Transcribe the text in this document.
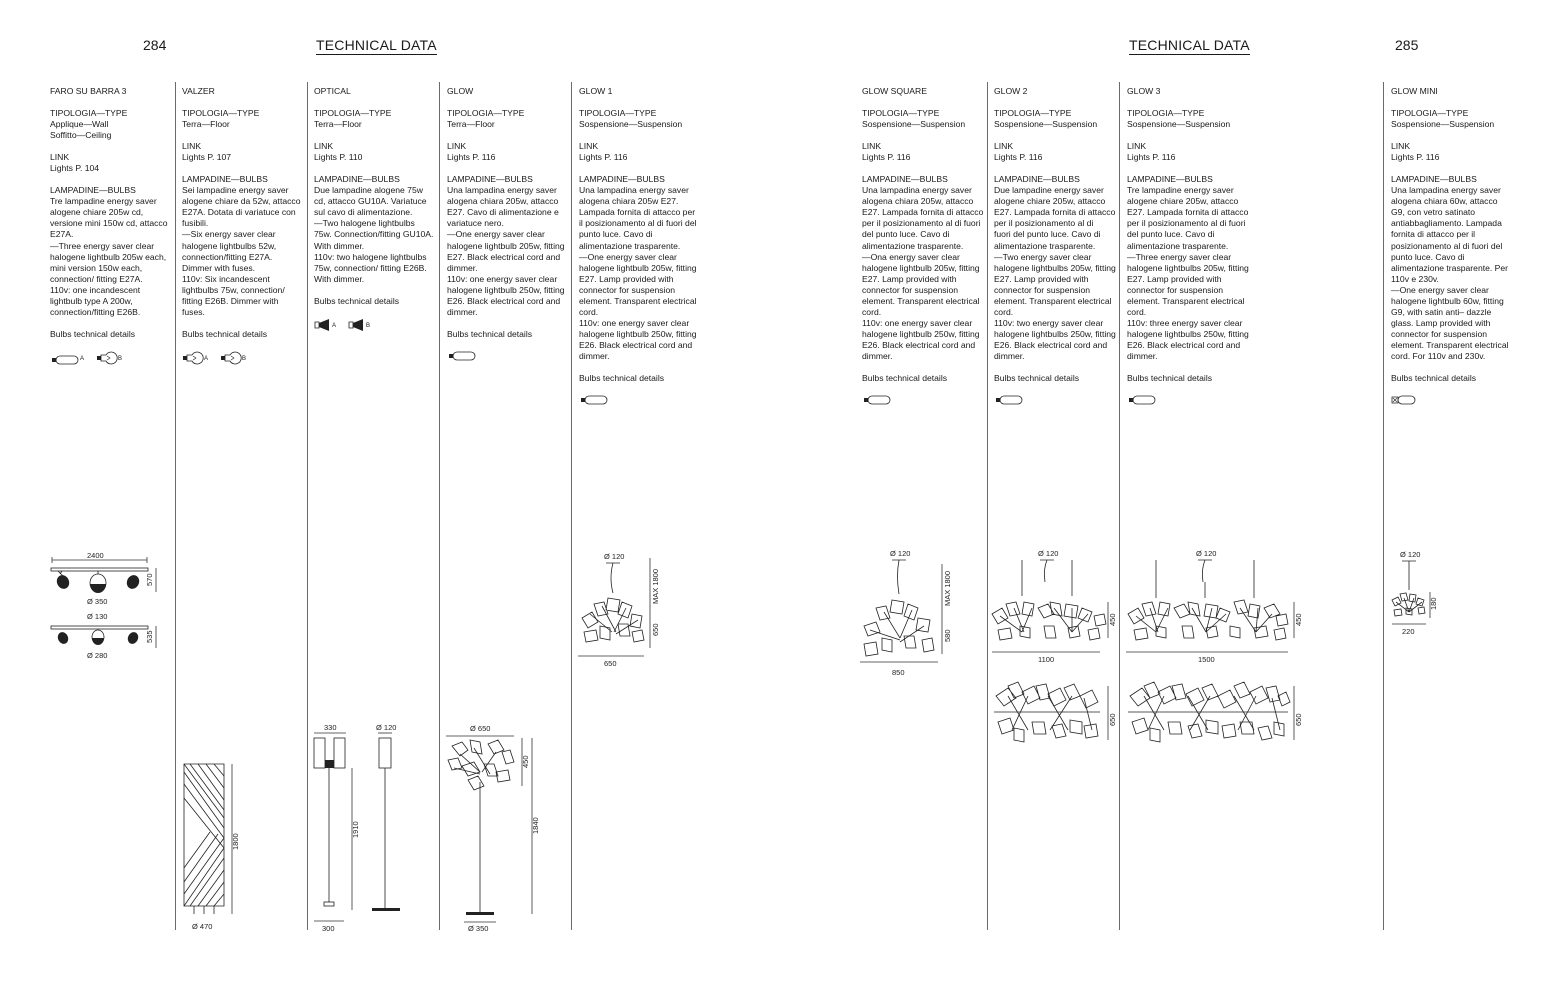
284	TECHNICAL DATA	TECHNICAL DATA	285

FARO SU BARRA 3

TIPOLOGIA—TYPE
Applique—Wall
Soffitto—Ceiling

LINK
Lights P. 104

LAMPADINE—BULBS
Tre lampadine energy saver alogene chiare 205w cd, versione mini 150w cd, attacco E27A.
—Three energy saver clear halogene lightbulb 205w each, mini version 150w each, connection/ fitting E27A.
110v: one incandescent lightbulb type A 200w, connection/fitting E26B.

Bulbs technical details

A	B

VALZER

TIPOLOGIA—TYPE
Terra—Floor

LINK
Lights P. 107

LAMPADINE—BULBS
Sei lampadine energy saver alogene chiare da 52w, attacco E27A. Dotata di variatuce con fusibili.
—Six energy saver clear halogene lightbulbs 52w, connection/fitting E27A. Dimmer with fuses.
110v: Six incandescent lightbulbs 75w, connection/ fitting E26B. Dimmer with fuses.

Bulbs technical details

A	B

OPTICAL

TIPOLOGIA—TYPE
Terra—Floor

LINK
Lights P. 110

LAMPADINE—BULBS
Due lampadine alogene 75w cd, attacco GU10A. Variatuce sul cavo di alimentazione.
—Two halogene lightbulbs 75w. Connection/fitting GU10A. With dimmer.
110v: two halogene lightbulbs 75w, connection/ fitting E26B. With dimmer.

Bulbs technical details

A	B

GLOW

TIPOLOGIA—TYPE
Terra—Floor

LINK
Lights P. 116

LAMPADINE—BULBS
Una lampadina energy saver alogena chiara 205w, attacco E27. Cavo di alimentazione e variatuce nero.
—One energy saver clear halogene lightbulb 205w, fitting E27. Black electrical cord and dimmer.
110v: one energy saver clear halogene lightbulb 250w, fitting E26. Black electrical cord and dimmer.

Bulbs technical details

GLOW 1

TIPOLOGIA—TYPE
Sospensione—Suspension

LINK
Lights P. 116

LAMPADINE—BULBS
Una lampadina energy saver alogena chiara 205w E27. Lampada fornita di attacco per il posizionamento al di fuori del punto luce. Cavo di alimentazione trasparente.
—One energy saver clear halogene lightbulb 205w, fitting E27. Lamp provided with connector for suspension element. Transparent electrical cord.
110v: one energy saver clear halogene lightbulb 250w, fitting E26. Black electrical cord and dimmer.

Bulbs technical details

GLOW SQUARE

TIPOLOGIA—TYPE
Sospensione—Suspension

LINK
Lights P. 116

LAMPADINE—BULBS
Una lampadina energy saver alogena chiara 205w, attacco E27. Lampada fornita di attacco
per il posizionamento al di fuori del punto luce. Cavo di alimentazione trasparente.
—Ona energy saver clear halogene lightbulb 205w, fitting E27. Lamp provided with connector for suspension element. Transparent electrical cord.
110v: one energy saver clear halogene lightbulb 250w, fitting E26. Black electrical cord and dimmer.

Bulbs technical details

GLOW 2

TIPOLOGIA—TYPE
Sospensione—Suspension

LINK
Lights P. 116

LAMPADINE—BULBS
Due lampadine energy saver alogene chiare 205w, attacco E27. Lampada fornita di attacco per il posizionamento al di
fuori del punto luce. Cavo di alimentazione trasparente.
—Two energy saver clear halogene lightbulbs 205w, fitting E27. Lamp provided with connector for suspension element. Transparent electrical cord.
110v: two energy saver clear halogene lightbulbs 250w, fitting E26. Black electrical cord and dimmer.

Bulbs technical details

GLOW 3

TIPOLOGIA—TYPE
Sospensione—Suspension

LINK
Lights P. 116

LAMPADINE—BULBS
Tre lampadine energy saver alogene chiare 205w, attacco E27. Lampada fornita di attacco per il posizionamento al di fuori del punto luce. Cavo di alimentazione trasparente.
—Three energy saver clear halogene lightbulbs 205w, fitting E27. Lamp provided with connector for suspension element. Transparent electrical cord.
110v: three energy saver clear halogene lightbulbs 250w, fitting E26. Black electrical cord and dimmer.

Bulbs technical details

GLOW MINI

TIPOLOGIA—TYPE
Sospensione—Suspension

LINK
Lights P. 116

LAMPADINE—BULBS
Una lampadina energy saver alogena chiara 60w, attacco G9, con vetro satinato antiabbagliamento. Lampada fornita di attacco per il posizionamento al di fuori del punto luce. Cavo di alimentazione trasparente. Per 110v e 230v.
—One energy saver clear halogene lightbulb 60w, fitting G9, with satin anti– dazzle glass. Lamp provided with connector for suspension element. Transparent electrical cord. For 110v and 230v.

Bulbs technical details

2400
570
Ø 350
Ø 130
535
Ø 280
1800
Ø 470
330	Ø 120
1910
300
Ø 650
450
1840
Ø 350
Ø 120
MAX 1800
650
650
Ø 120
MAX 1800
580
850
Ø 120
1100
450
650
Ø 120
1500
450
650
Ø 120
180
220
